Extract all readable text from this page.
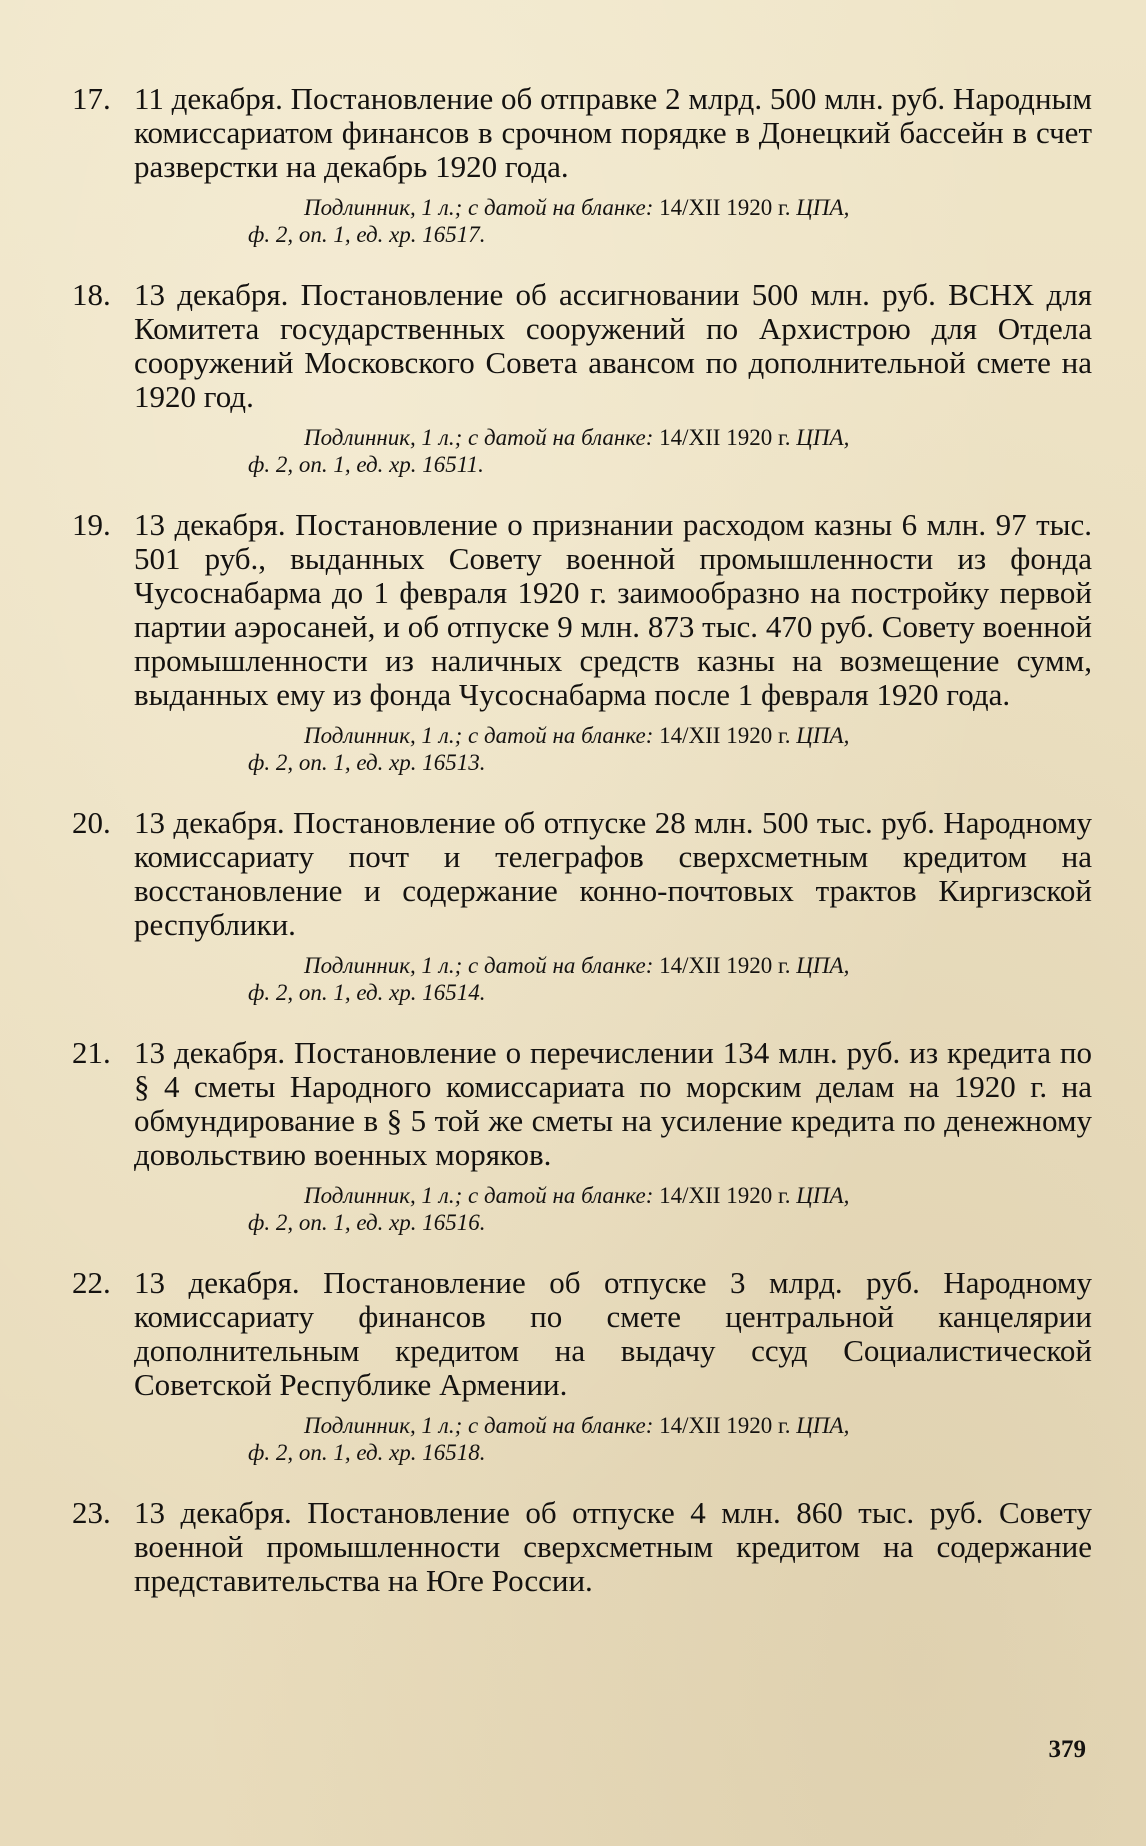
17. 11 декабря. Постановление об отправке 2 млрд. 500 млн. руб. Народным комиссариатом финансов в срочном порядке в Донецкий бассейн в счет разверстки на декабрь 1920 года.

Подлинник, 1 л.; с датой на бланке: 14/XII 1920 г. ЦПА,
ф. 2, оп. 1, ед. хр. 16517.

18. 13 декабря. Постановление об ассигновании 500 млн. руб. ВСНХ для Комитета государственных сооружений по Архистрою для Отдела сооружений Московского Совета авансом по дополнительной смете на 1920 год.

Подлинник, 1 л.; с датой на бланке: 14/XII 1920 г. ЦПА,
ф. 2, оп. 1, ед. хр. 16511.

19. 13 декабря. Постановление о признании расходом казны 6 млн. 97 тыс. 501 руб., выданных Совету военной промышленности из фонда Чусоснабарма до 1 февраля 1920 г. заимообразно на постройку первой партии аэросаней, и об отпуске 9 млн. 873 тыс. 470 руб. Совету военной промышленности из наличных средств казны на возмещение сумм, выданных ему из фонда Чусоснабарма после 1 февраля 1920 года.

Подлинник, 1 л.; с датой на бланке: 14/XII 1920 г. ЦПА,
ф. 2, оп. 1, ед. хр. 16513.

20. 13 декабря. Постановление об отпуске 28 млн. 500 тыс. руб. Народному комиссариату почт и телеграфов сверхсметным кредитом на восстановление и содержание конно-почтовых трактов Киргизской республики.

Подлинник, 1 л.; с датой на бланке: 14/XII 1920 г. ЦПА,
ф. 2, оп. 1, ед. хр. 16514.

21. 13 декабря. Постановление о перечислении 134 млн. руб. из кредита по § 4 сметы Народного комиссариата по морским делам на 1920 г. на обмундирование в § 5 той же сметы на усиление кредита по денежному довольствию военных моряков.

Подлинник, 1 л.; с датой на бланке: 14/XII 1920 г. ЦПА,
ф. 2, оп. 1, ед. хр. 16516.

22. 13 декабря. Постановление об отпуске 3 млрд. руб. Народному комиссариату финансов по смете центральной канцелярии дополнительным кредитом на выдачу ссуд Социалистической Советской Республике Армении.

Подлинник, 1 л.; с датой на бланке: 14/XII 1920 г. ЦПА,
ф. 2, оп. 1, ед. хр. 16518.

23. 13 декабря. Постановление об отпуске 4 млн. 860 тыс. руб. Совету военной промышленности сверхсметным кредитом на содержание представительства на Юге России.

379
